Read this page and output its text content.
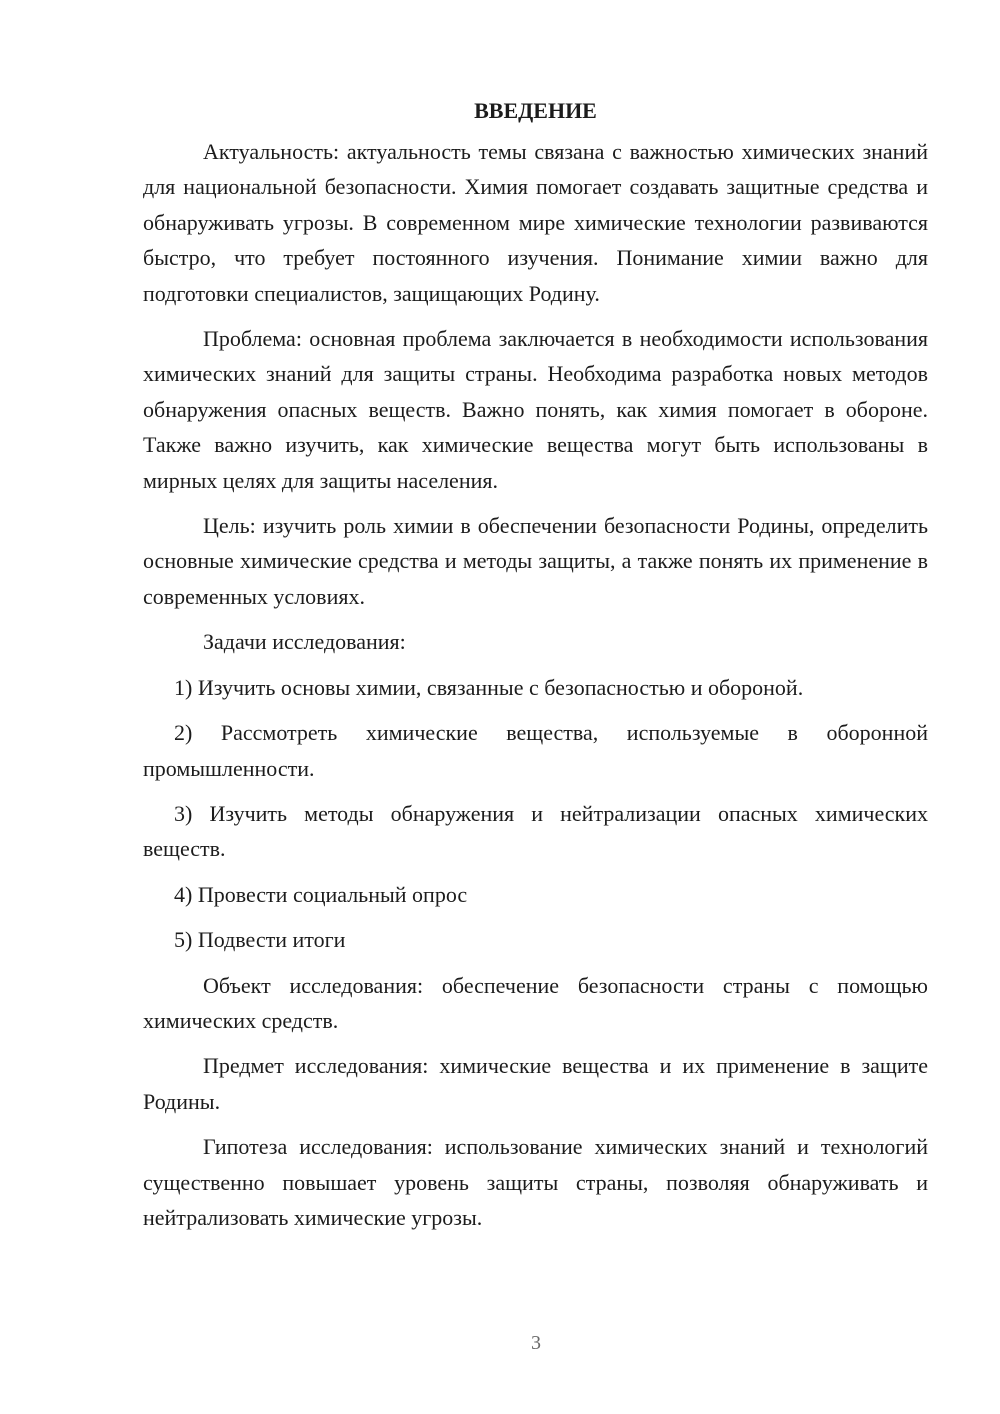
ВВЕДЕНИЕ

Актуальность: актуальность темы связана с важностью химических знаний для национальной безопасности. Химия помогает создавать защитные средства и обнаруживать угрозы. В современном мире химические технологии развиваются быстро, что требует постоянного изучения. Понимание химии важно для подготовки специалистов, защищающих Родину.

Проблема: основная проблема заключается в необходимости использования химических знаний для защиты страны. Необходима разработка новых методов обнаружения опасных веществ. Важно понять, как химия помогает в обороне. Также важно изучить, как химические вещества могут быть использованы в мирных целях для защиты населения.

Цель: изучить роль химии в обеспечении безопасности Родины, определить основные химические средства и методы защиты, а также понять их применение в современных условиях.

Задачи исследования:

1) Изучить основы химии, связанные с безопасностью и обороной.

2) Рассмотреть химические вещества, используемые в оборонной промышленности.

3) Изучить методы обнаружения и нейтрализации опасных химических веществ.

4) Провести социальный опрос

5) Подвести итоги

Объект исследования: обеспечение безопасности страны с помощью химических средств.

Предмет исследования: химические вещества и их применение в защите Родины.

Гипотеза исследования: использование химических знаний и технологий существенно повышает уровень защиты страны, позволяя обнаруживать и нейтрализовать химические угрозы.

3
